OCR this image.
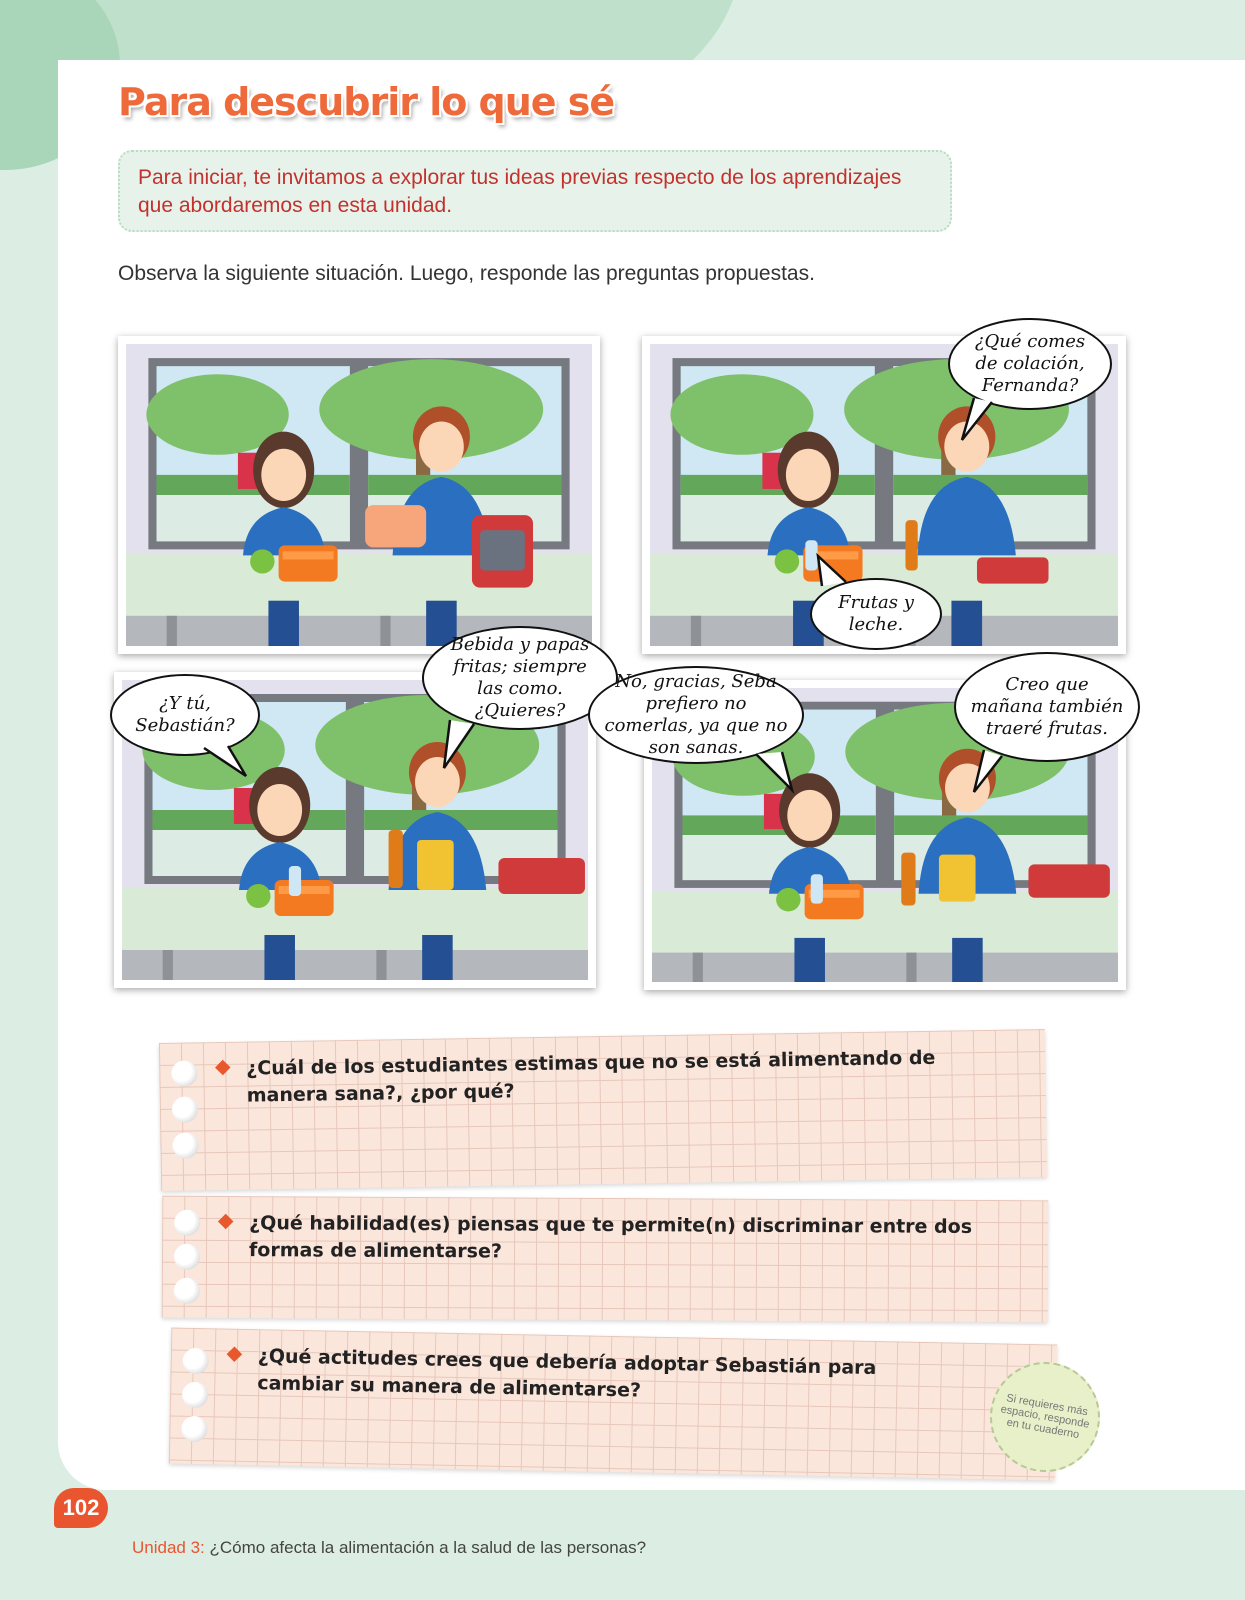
Para descubrir lo que sé
Para iniciar, te invitamos a explorar tus ideas previas respecto de los aprendizajes que abordaremos en esta unidad.

Observa la siguiente situación. Luego, responde las preguntas propuestas.

¿Qué comes de colación, Fernanda?
Frutas y leche.
¿Y tú, Sebastián?
Bebida y papas fritas; siempre las como. ¿Quieres?
No, gracias, Seba prefiero no comerlas, ya que no son sanas.
Creo que mañana también traeré frutas.
¿Cuál de los estudiantes estimas que no se está alimentando de manera sana?, ¿por qué?
¿Qué habilidad(es) piensas que te permite(n) discriminar entre dos formas de alimentarse?
¿Qué actitudes crees que debería adoptar Sebastián para cambiar su manera de alimentarse?
Si requieres más espacio, responde en tu cuaderno
102
Unidad 3: ¿Cómo afecta la alimentación a la salud de las personas?
